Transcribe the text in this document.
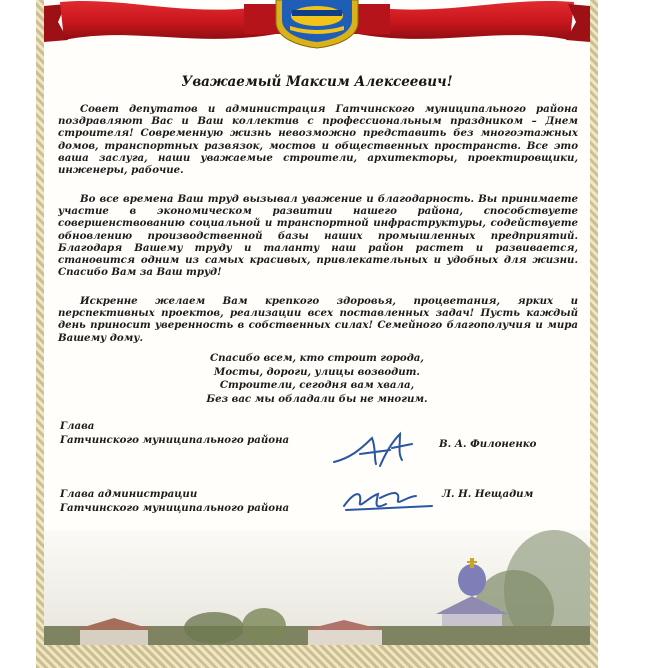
Уважаемый Максим Алексеевич!

Совет депутатов и администрация Гатчинского муниципального района поздравляют Вас и Ваш коллектив с профессиональным праздником – Днем строителя! Современную жизнь невозможно представить без многоэтажных домов, транспортных развязок, мостов и общественных пространств. Все это ваша заслуга, наши уважаемые строители, архитекторы, проектировщики, инженеры, рабочие.

Во все времена Ваш труд вызывал уважение и благодарность. Вы принимаете участие в экономическом развитии нашего района, способствуете совершенствованию социальной и транспортной инфраструктуры, содействуете обновлению производственной базы наших промышленных предприятий. Благодаря Вашему труду и таланту наш район растет и развивается, становится одним из самых красивых, привлекательных и удобных для жизни. Спасибо Вам за Ваш труд!

Искренне желаем Вам крепкого здоровья, процветания, ярких и перспективных проектов, реализации всех поставленных задач! Пусть каждый день приносит уверенность в собственных силах! Семейного благополучия и мира Вашему дому.

Спасибо всем, кто строит города,
Мосты, дороги, улицы возводит.
Строители, сегодня вам хвала,
Без вас мы обладали бы не многим.
Глава
Гатчинского муниципального района	В. А. Филоненко
Глава администрации
Гатчинского муниципального района
Л. Н. Нещадим
